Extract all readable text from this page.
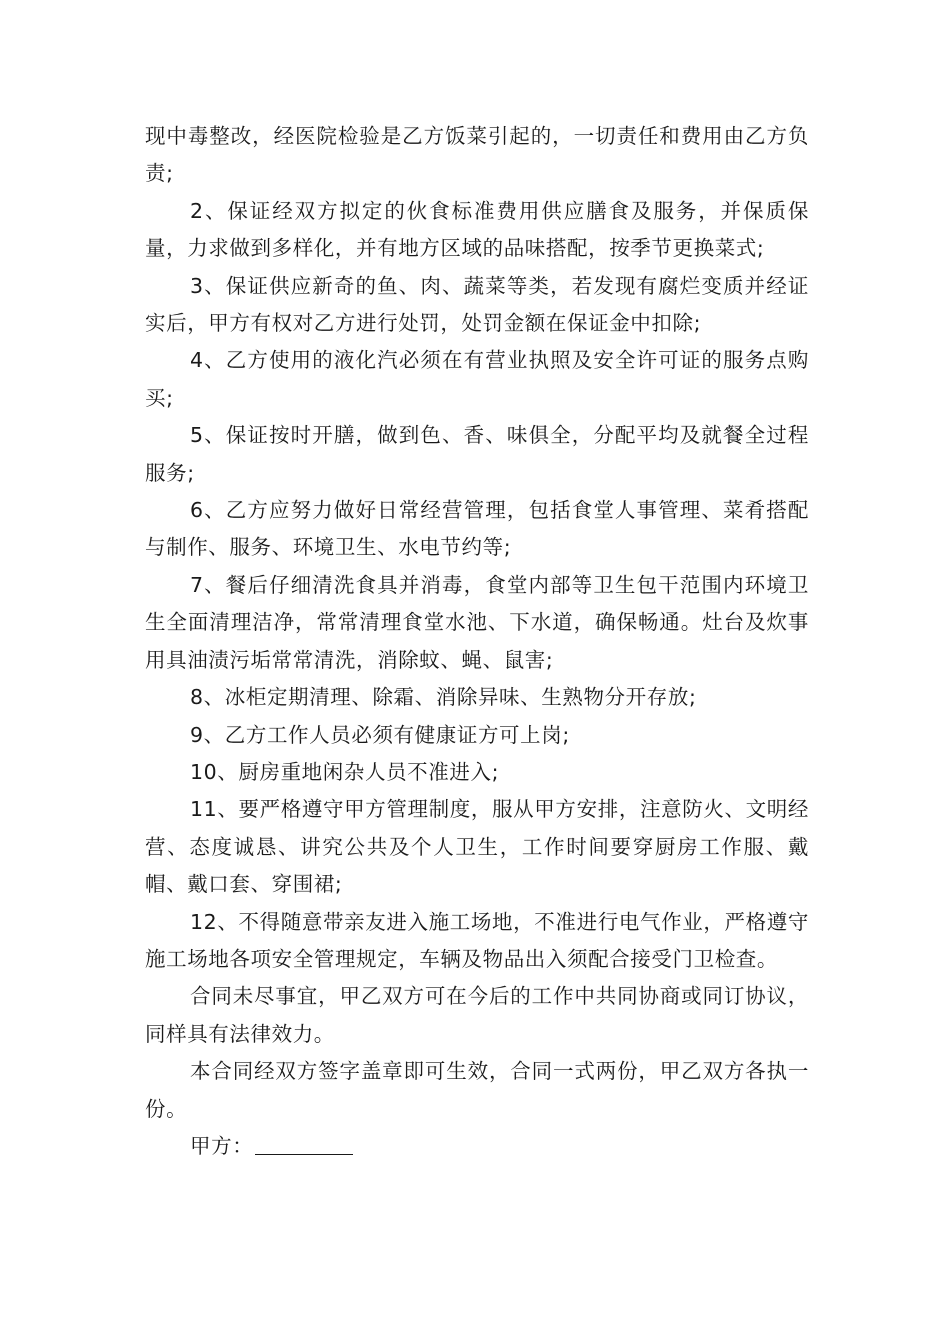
现中毒整改，经医院检验是乙方饭菜引起的，一切责任和费用由乙方负责;

2、保证经双方拟定的伙食标准费用供应膳食及服务，并保质保量，力求做到多样化，并有地方区域的品味搭配，按季节更换菜式;

3、保证供应新奇的鱼、肉、蔬菜等类，若发现有腐烂变质并经证实后，甲方有权对乙方进行处罚，处罚金额在保证金中扣除;

4、乙方使用的液化汽必须在有营业执照及安全许可证的服务点购买;

5、保证按时开膳，做到色、香、味俱全，分配平均及就餐全过程服务;

6、乙方应努力做好日常经营管理，包括食堂人事管理、菜肴搭配与制作、服务、环境卫生、水电节约等;

7、餐后仔细清洗食具并消毒，食堂内部等卫生包干范围内环境卫生全面清理洁净，常常清理食堂水池、下水道，确保畅通。灶台及炊事用具油渍污垢常常清洗，消除蚊、蝇、鼠害;

8、冰柜定期清理、除霜、消除异味、生熟物分开存放;

9、乙方工作人员必须有健康证方可上岗;

10、厨房重地闲杂人员不准进入;

11、要严格遵守甲方管理制度，服从甲方安排，注意防火、文明经营、态度诚恳、讲究公共及个人卫生，工作时间要穿厨房工作服、戴帽、戴口套、穿围裙;

12、不得随意带亲友进入施工场地，不准进行电气作业，严格遵守施工场地各项安全管理规定，车辆及物品出入须配合接受门卫检查。

合同未尽事宜，甲乙双方可在今后的工作中共同协商或同订协议，同样具有法律效力。

本合同经双方签字盖章即可生效，合同一式两份，甲乙双方各执一份。

甲方：
